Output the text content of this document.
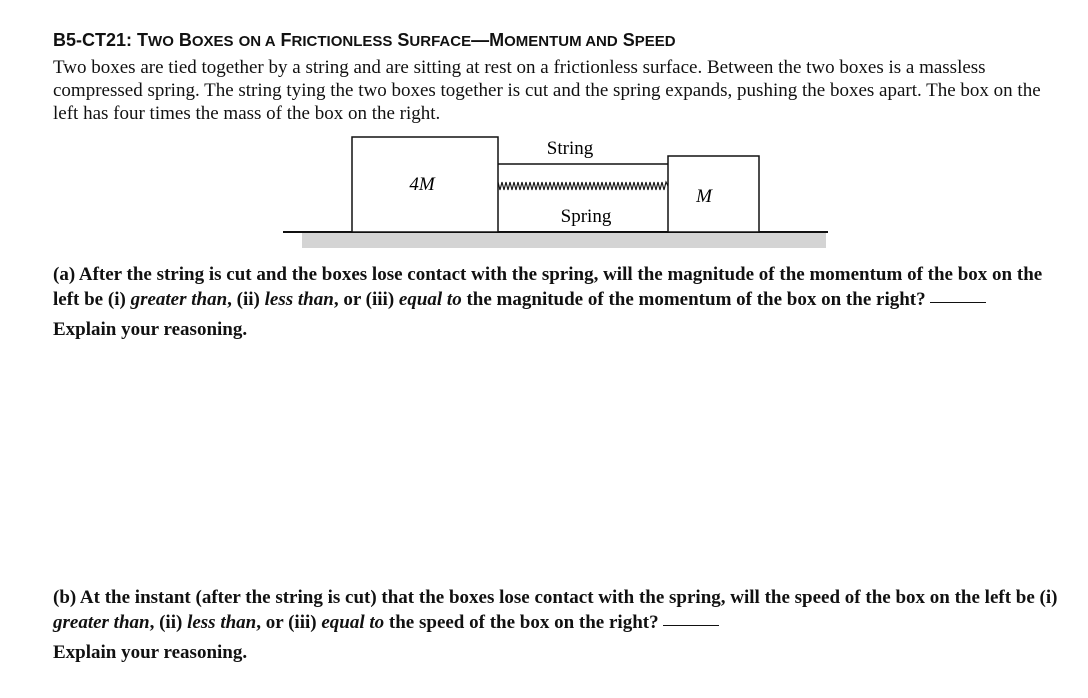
B5-CT21: TWO BOXES ON A FRICTIONLESS SURFACE—MOMENTUM AND SPEED

Two boxes are tied together by a string and are sitting at rest on a frictionless surface. Between the two boxes is a massless compressed spring. The string tying the two boxes together is cut and the spring expands, pushing the boxes apart. The box on the left has four times the mass of the box on the right.

String
4M
M
Spring

(a) After the string is cut and the boxes lose contact with the spring, will the magnitude of the momentum of the box on the left be (i) greater than, (ii) less than, or (iii) equal to the magnitude of the momentum of the box on the right?
Explain your reasoning.

(b) At the instant (after the string is cut) that the boxes lose contact with the spring, will the speed of the box on the left be (i) greater than, (ii) less than, or (iii) equal to the speed of the box on the right?
Explain your reasoning.
